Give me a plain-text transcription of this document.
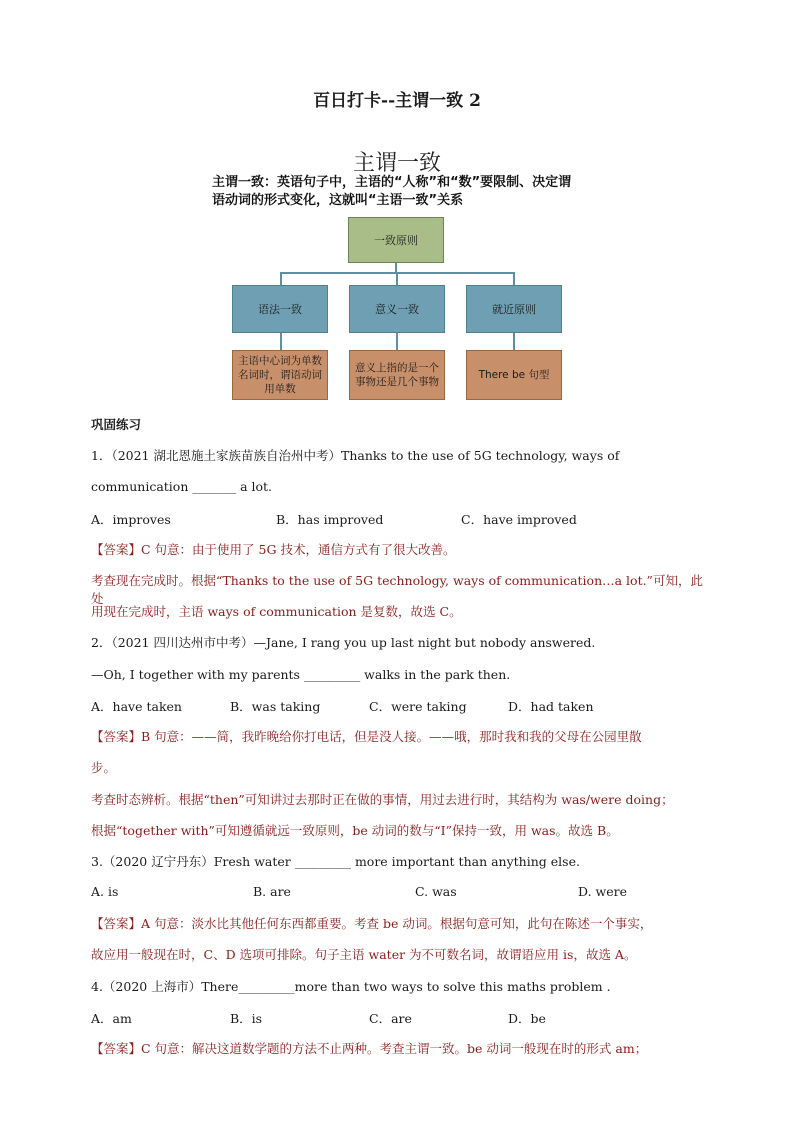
百日打卡--主谓一致 2
主谓一致
主谓一致：英语句子中，主语的“人称”和“数”要限制、决定谓语动词的形式变化，这就叫“主语一致”关系
一致原则
语法一致	意义一致	就近原则
主语中心词为单数名词时，谓语动词用单数
意义上指的是一个事物还是几个事物
There be 句型
巩固练习
1．（2021 湖北恩施土家族苗族自治州中考）Thanks to the use of 5G technology, ways of
communication _______ a lot.
A．improves	B．has improved	C．have improved
【答案】C 句意：由于使用了 5G 技术，通信方式有了很大改善。
考查现在完成时。根据“Thanks to the use of 5G technology, ways of communication…a lot.”可知，此处
用现在完成时，主语 ways of communication 是复数，故选 C。
2．（2021 四川达州市中考）—Jane, I rang you up last night but nobody answered.
—Oh, I together with my parents _________ walks in the park then.
A．have taken	B．was taking	C．were taking	D．had taken
【答案】B 句意：——简，我昨晚给你打电话，但是没人接。——哦，那时我和我的父母在公园里散
步。
考查时态辨析。根据“then”可知讲过去那时正在做的事情，用过去进行时，其结构为 was/were doing；
根据“together with”可知遵循就远一致原则，be 动词的数与“I”保持一致，用 was。故选 B。
3.（2020 辽宁丹东）Fresh water _________ more important than anything else.
A. is	B. are	C. was	D. were
【答案】A 句意：淡水比其他任何东西都重要。考查 be 动词。根据句意可知，此句在陈述一个事实，
故应用一般现在时，C、D 选项可排除。句子主语 water 为不可数名词，故谓语应用 is，故选 A。
4.（2020 上海市）There_________more than two ways to solve this maths problem .
A．am	B．is	C．are	D．be
【答案】C 句意：解决这道数学题的方法不止两种。考查主谓一致。be 动词一般现在时的形式 am；
